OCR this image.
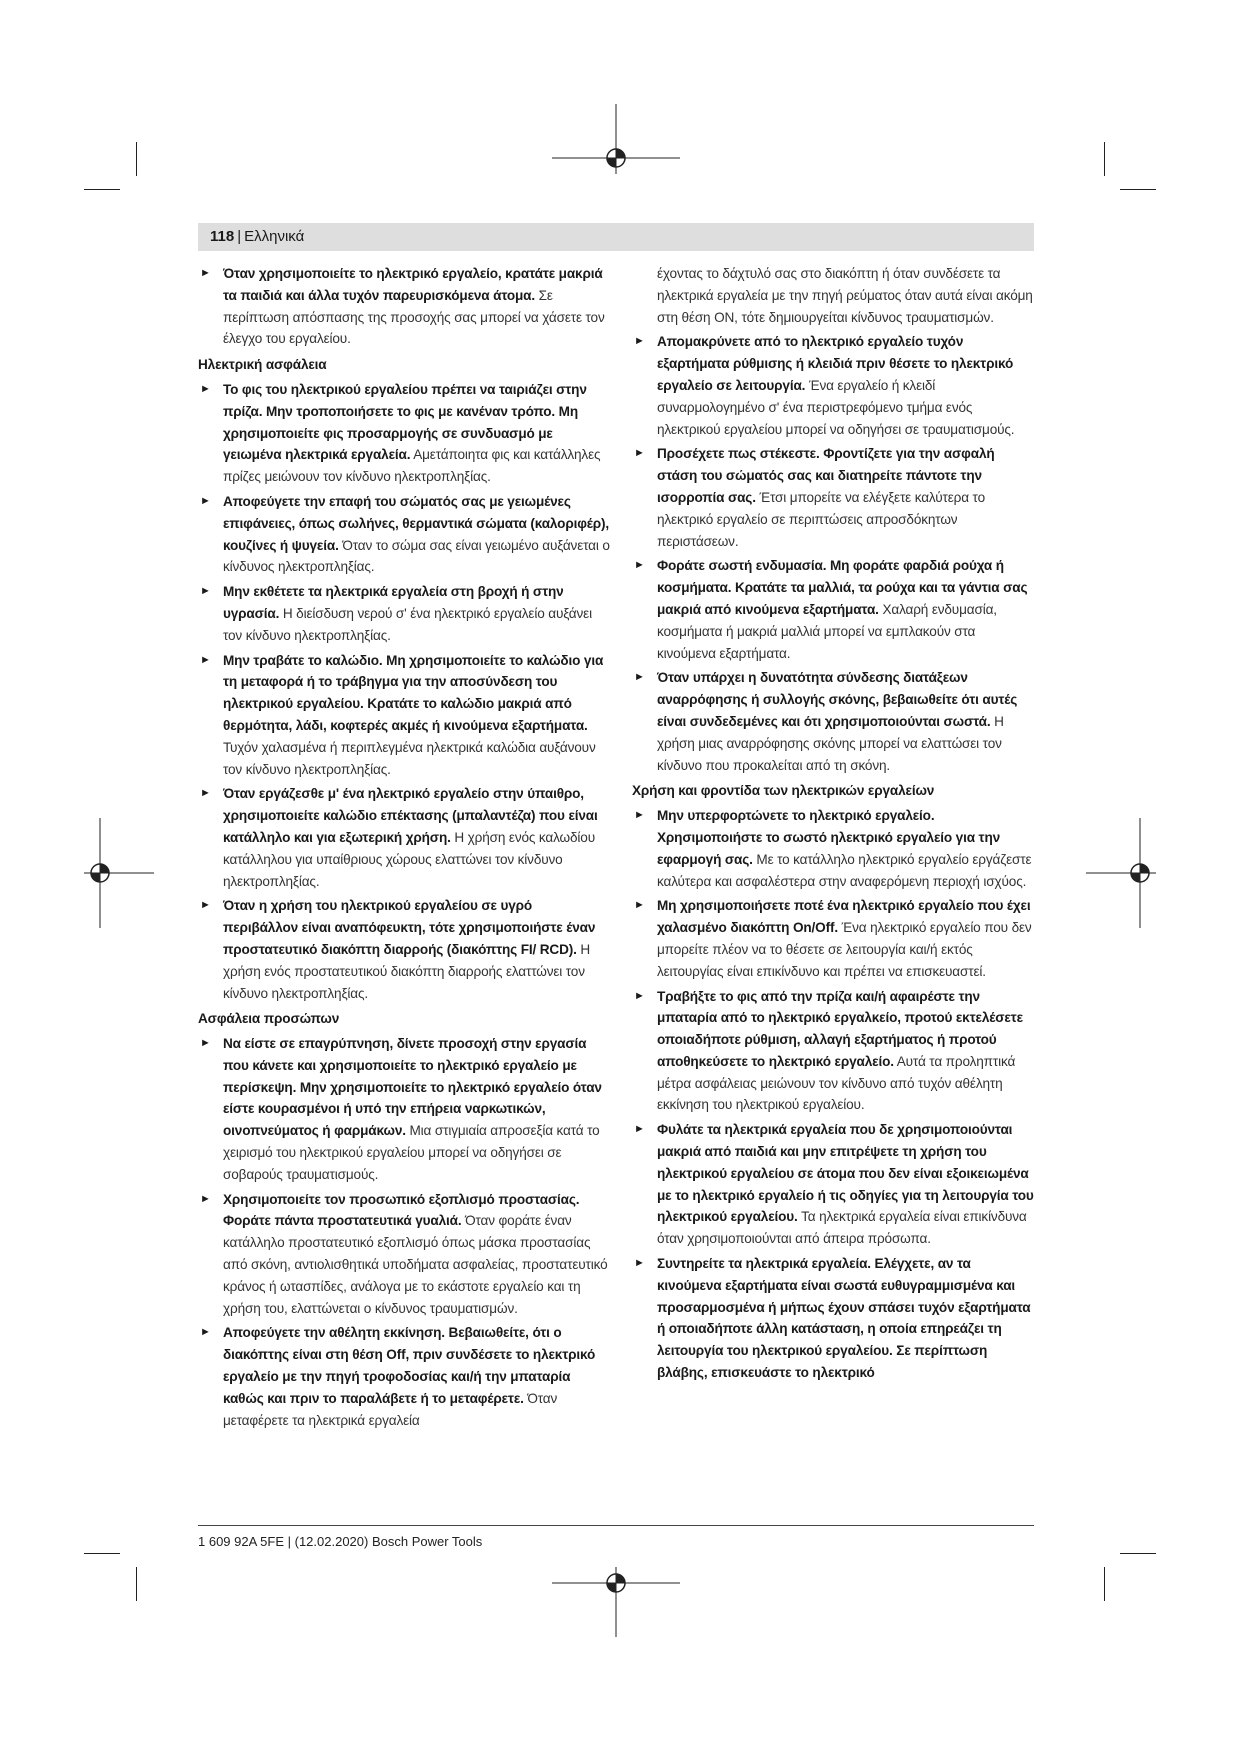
118 | Ελληνικά
► Όταν χρησιμοποιείτε το ηλεκτρικό εργαλείο, κρατάτε μακριά τα παιδιά και άλλα τυχόν παρευρισκόμενα άτομα. Σε περίπτωση απόσπασης της προσοχής σας μπορεί να χάσετε τον έλεγχο του εργαλείου.
Ηλεκτρική ασφάλεια
► Το φις του ηλεκτρικού εργαλείου πρέπει να ταιριάζει στην πρίζα. Μην τροποποιήσετε το φις με κανέναν τρόπο. Μη χρησιμοποιείτε φις προσαρμογής σε συνδυασμό με γειωμένα ηλεκτρικά εργαλεία. Αμετάποιητα φις και κατάλληλες πρίζες μειώνουν τον κίνδυνο ηλεκτροπληξίας.
► Αποφεύγετε την επαφή του σώματός σας με γειωμένες επιφάνειες, όπως σωλήνες, θερμαντικά σώματα (καλοριφέρ), κουζίνες ή ψυγεία. Όταν το σώμα σας είναι γειωμένο αυξάνεται ο κίνδυνος ηλεκτροπληξίας.
► Μην εκθέτετε τα ηλεκτρικά εργαλεία στη βροχή ή στην υγρασία. Η διείσδυση νερού σ' ένα ηλεκτρικό εργαλείο αυξάνει τον κίνδυνο ηλεκτροπληξίας.
► Μην τραβάτε το καλώδιο. Μη χρησιμοποιείτε το καλώδιο για τη μεταφορά ή το τράβηγμα για την αποσύνδεση του ηλεκτρικού εργαλείου. Κρατάτε το καλώδιο μακριά από θερμότητα, λάδι, κοφτερές ακμές ή κινούμενα εξαρτήματα. Τυχόν χαλασμένα ή περιπλεγμένα ηλεκτρικά καλώδια αυξάνουν τον κίνδυνο ηλεκτροπληξίας.
► Όταν εργάζεσθε μ' ένα ηλεκτρικό εργαλείο στην ύπαιθρο, χρησιμοποιείτε καλώδιο επέκτασης (μπαλαντέζα) που είναι κατάλληλο και για εξωτερική χρήση. Η χρήση ενός καλωδίου κατάλληλου για υπαίθριους χώρους ελαττώνει τον κίνδυνο ηλεκτροπληξίας.
► Όταν η χρήση του ηλεκτρικού εργαλείου σε υγρό περιβάλλον είναι αναπόφευκτη, τότε χρησιμοποιήστε έναν προστατευτικό διακόπτη διαρροής (διακόπτης FI/ RCD). Η χρήση ενός προστατευτικού διακόπτη διαρροής ελαττώνει τον κίνδυνο ηλεκτροπληξίας.
Ασφάλεια προσώπων
► Να είστε σε επαγρύπνηση, δίνετε προσοχή στην εργασία που κάνετε και χρησιμοποιείτε το ηλεκτρικό εργαλείο με περίσκεψη. Μην χρησιμοποιείτε το ηλεκτρικό εργαλείο όταν είστε κουρασμένοι ή υπό την επήρεια ναρκωτικών, οινοπνεύματος ή φαρμάκων. Μια στιγμιαία απροσεξία κατά το χειρισμό του ηλεκτρικού εργαλείου μπορεί να οδηγήσει σε σοβαρούς τραυματισμούς.
► Χρησιμοποιείτε τον προσωπικό εξοπλισμό προστασίας. Φοράτε πάντα προστατευτικά γυαλιά. Όταν φοράτε έναν κατάλληλο προστατευτικό εξοπλισμό όπως μάσκα προστασίας από σκόνη, αντιολισθητικά υποδήματα ασφαλείας, προστατευτικό κράνος ή ωτασπίδες, ανάλογα με το εκάστοτε εργαλείο και τη χρήση του, ελαττώνεται ο κίνδυνος τραυματισμών.
► Αποφεύγετε την αθέλητη εκκίνηση. Βεβαιωθείτε, ότι ο διακόπτης είναι στη θέση Off, πριν συνδέσετε το ηλεκτρικό εργαλείο με την πηγή τροφοδοσίας και/ή την μπαταρία καθώς και πριν το παραλάβετε ή το μεταφέρετε. Όταν μεταφέρετε τα ηλεκτρικά εργαλεία
έχοντας το δάχτυλό σας στο διακόπτη ή όταν συνδέσετε τα ηλεκτρικά εργαλεία με την πηγή ρεύματος όταν αυτά είναι ακόμη στη θέση ON, τότε δημιουργείται κίνδυνος τραυματισμών.
► Απομακρύνετε από το ηλεκτρικό εργαλείο τυχόν εξαρτήματα ρύθμισης ή κλειδιά πριν θέσετε το ηλεκτρικό εργαλείο σε λειτουργία. Ένα εργαλείο ή κλειδί συναρμολογημένο σ' ένα περιστρεφόμενο τμήμα ενός ηλεκτρικού εργαλείου μπορεί να οδηγήσει σε τραυματισμούς.
► Προσέχετε πως στέκεστε. Φροντίζετε για την ασφαλή στάση του σώματός σας και διατηρείτε πάντοτε την ισορροπία σας. Έτσι μπορείτε να ελέγξετε καλύτερα το ηλεκτρικό εργαλείο σε περιπτώσεις απροσδόκητων περιστάσεων.
► Φοράτε σωστή ενδυμασία. Μη φοράτε φαρδιά ρούχα ή κοσμήματα. Κρατάτε τα μαλλιά, τα ρούχα και τα γάντια σας μακριά από κινούμενα εξαρτήματα. Χαλαρή ενδυμασία, κοσμήματα ή μακριά μαλλιά μπορεί να εμπλακούν στα κινούμενα εξαρτήματα.
► Όταν υπάρχει η δυνατότητα σύνδεσης διατάξεων αναρρόφησης ή συλλογής σκόνης, βεβαιωθείτε ότι αυτές είναι συνδεδεμένες και ότι χρησιμοποιούνται σωστά. Η χρήση μιας αναρρόφησης σκόνης μπορεί να ελαττώσει τον κίνδυνο που προκαλείται από τη σκόνη.
Χρήση και φροντίδα των ηλεκτρικών εργαλείων
► Μην υπερφορτώνετε το ηλεκτρικό εργαλείο. Χρησιμοποιήστε το σωστό ηλεκτρικό εργαλείο για την εφαρμογή σας. Με το κατάλληλο ηλεκτρικό εργαλείο εργάζεστε καλύτερα και ασφαλέστερα στην αναφερόμενη περιοχή ισχύος.
► Μη χρησιμοποιήσετε ποτέ ένα ηλεκτρικό εργαλείο που έχει χαλασμένο διακόπτη On/Off. Ένα ηλεκτρικό εργαλείο που δεν μπορείτε πλέον να το θέσετε σε λειτουργία και/ή εκτός λειτουργίας είναι επικίνδυνο και πρέπει να επισκευαστεί.
► Τραβήξτε το φις από την πρίζα και/ή αφαιρέστε την μπαταρία από το ηλεκτρικό εργαλκείο, προτού εκτελέσετε οποιαδήποτε ρύθμιση, αλλαγή εξαρτήματος ή προτού αποθηκεύσετε το ηλεκτρικό εργαλείο. Αυτά τα προληπτικά μέτρα ασφάλειας μειώνουν τον κίνδυνο από τυχόν αθέλητη εκκίνηση του ηλεκτρικού εργαλείου.
► Φυλάτε τα ηλεκτρικά εργαλεία που δε χρησιμοποιούνται μακριά από παιδιά και μην επιτρέψετε τη χρήση του ηλεκτρικού εργαλείου σε άτομα που δεν είναι εξοικειωμένα με το ηλεκτρικό εργαλείο ή τις οδηγίες για τη λειτουργία του ηλεκτρικού εργαλείου. Τα ηλεκτρικά εργαλεία είναι επικίνδυνα όταν χρησιμοποιούνται από άπειρα πρόσωπα.
► Συντηρείτε τα ηλεκτρικά εργαλεία. Ελέγχετε, αν τα κινούμενα εξαρτήματα είναι σωστά ευθυγραμμισμένα και προσαρμοσμένα ή μήπως έχουν σπάσει τυχόν εξαρτήματα ή οποιαδήποτε άλλη κατάσταση, η οποία επηρεάζει τη λειτουργία του ηλεκτρικού εργαλείου. Σε περίπτωση βλάβης, επισκευάστε το ηλεκτρικό
1 609 92A 5FE | (12.02.2020) Bosch Power Tools
